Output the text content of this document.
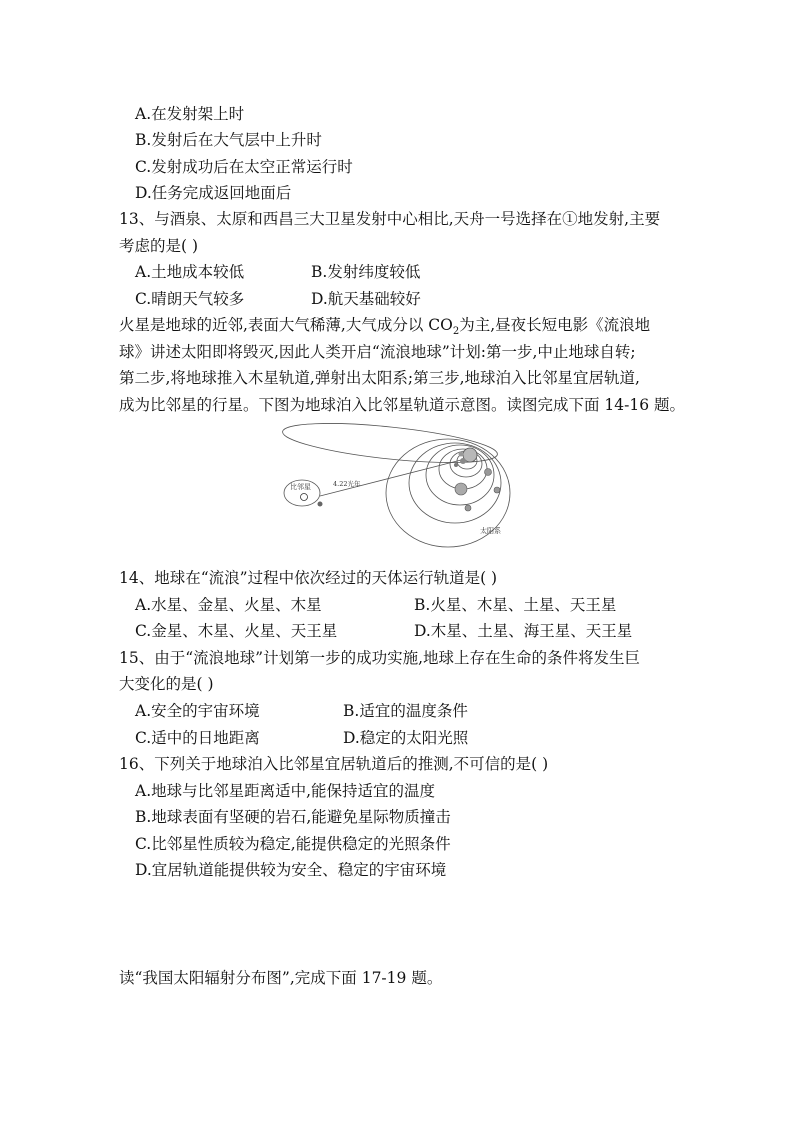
A.在发射架上时
B.发射后在大气层中上升时
C.发射成功后在太空正常运行时
D.任务完成返回地面后
13、与酒泉、太原和西昌三大卫星发射中心相比,天舟一号选择在①地发射,主要
考虑的是( )
A.土地成本较低	B.发射纬度较低
C.晴朗天气较多	D.航天基础较好
火星是地球的近邻,表面大气稀薄,大气成分以 $CO_2$为主,昼夜长短电影《流浪地
球》讲述太阳即将毁灭,因此人类开启“流浪地球”计划:第一步,中止地球自转;
第二步,将地球推入木星轨道,弹射出太阳系;第三步,地球泊入比邻星宜居轨道,
成为比邻星的行星。下图为地球泊入比邻星轨道示意图。读图完成下面 14-16 题。
比邻星	4.22光年
太阳系
14、地球在“流浪”过程中依次经过的天体运行轨道是( )
A.水星、金星、火星、木星	B.火星、木星、土星、天王星
C.金星、木星、火星、天王星	D.木星、土星、海王星、天王星
15、由于“流浪地球”计划第一步的成功实施,地球上存在生命的条件将发生巨
大变化的是( )
A.安全的宇宙环境	B.适宜的温度条件
C.适中的日地距离	D.稳定的太阳光照
16、下列关于地球泊入比邻星宜居轨道后的推测,不可信的是( )
A.地球与比邻星距离适中,能保持适宜的温度
B.地球表面有坚硬的岩石,能避免星际物质撞击
C.比邻星性质较为稳定,能提供稳定的光照条件
D.宜居轨道能提供较为安全、稳定的宇宙环境
读“我国太阳辐射分布图”,完成下面 17-19 题。
